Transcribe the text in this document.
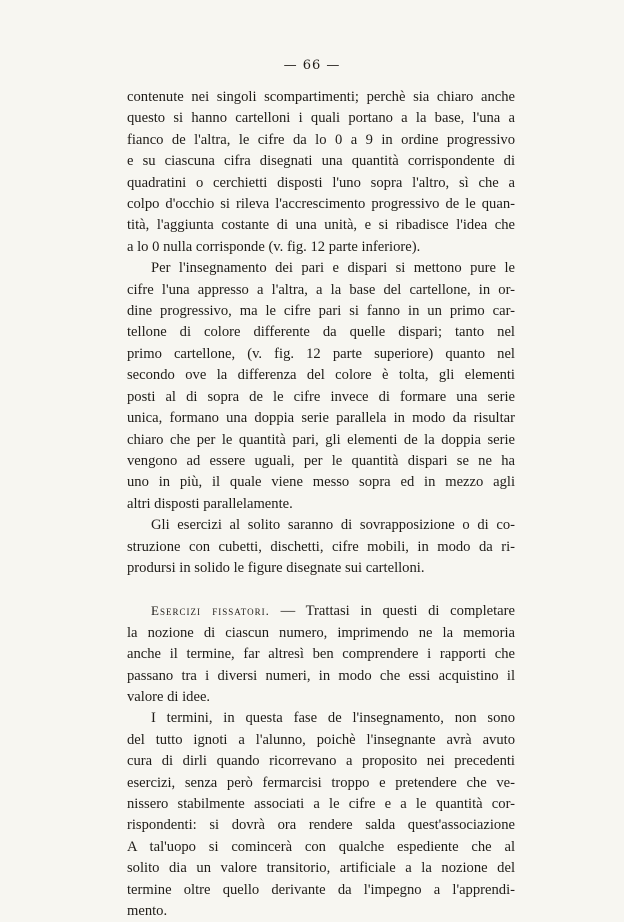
— 66 —
contenute nei singoli scompartimenti; perchè sia chiaro anche
questo si hanno cartelloni i quali portano a la base, l'una a
fianco de l'altra, le cifre da lo 0 a 9 in ordine progressivo
e su ciascuna cifra disegnati una quantità corrispondente di
quadratini o cerchietti disposti l'uno sopra l'altro, sì che a
colpo d'occhio si rileva l'accrescimento progressivo de le quan-
tità, l'aggiunta costante di una unità, e si ribadisce l'idea che
a lo 0 nulla corrisponde (v. fig. 12 parte inferiore).
Per l'insegnamento dei pari e dispari si mettono pure le
cifre l'una appresso a l'altra, a la base del cartellone, in or-
dine progressivo, ma le cifre pari si fanno in un primo car-
tellone di colore differente da quelle dispari; tanto nel
primo cartellone, (v. fig. 12 parte superiore) quanto nel
secondo ove la differenza del colore è tolta, gli elementi
posti al di sopra de le cifre invece di formare una serie
unica, formano una doppia serie parallela in modo da risultar
chiaro che per le quantità pari, gli elementi de la doppia serie
vengono ad essere uguali, per le quantità dispari se ne ha
uno in più, il quale viene messo sopra ed in mezzo agli
altri disposti parallelamente.
Gli esercizi al solito saranno di sovrapposizione o di co-
struzione con cubetti, dischetti, cifre mobili, in modo da ri-
prodursi in solido le figure disegnate sui cartelloni.
Esercizi fissatori. — Trattasi in questi di completare
la nozione di ciascun numero, imprimendo ne la memoria
anche il termine, far altresì ben comprendere i rapporti che
passano tra i diversi numeri, in modo che essi acquistino il
valore di idee.
I termini, in questa fase de l'insegnamento, non sono
del tutto ignoti a l'alunno, poichè l'insegnante avrà avuto
cura di dirli quando ricorrevano a proposito nei precedenti
esercizi, senza però fermarcisi troppo e pretendere che ve-
nissero stabilmente associati a le cifre e a le quantità cor-
rispondenti: si dovrà ora rendere salda quest'associazione
A tal'uopo si comincerà con qualche espediente che al
solito dia un valore transitorio, artificiale a la nozione del
termine oltre quello derivante da l'impegno a l'apprendi-
mento.
